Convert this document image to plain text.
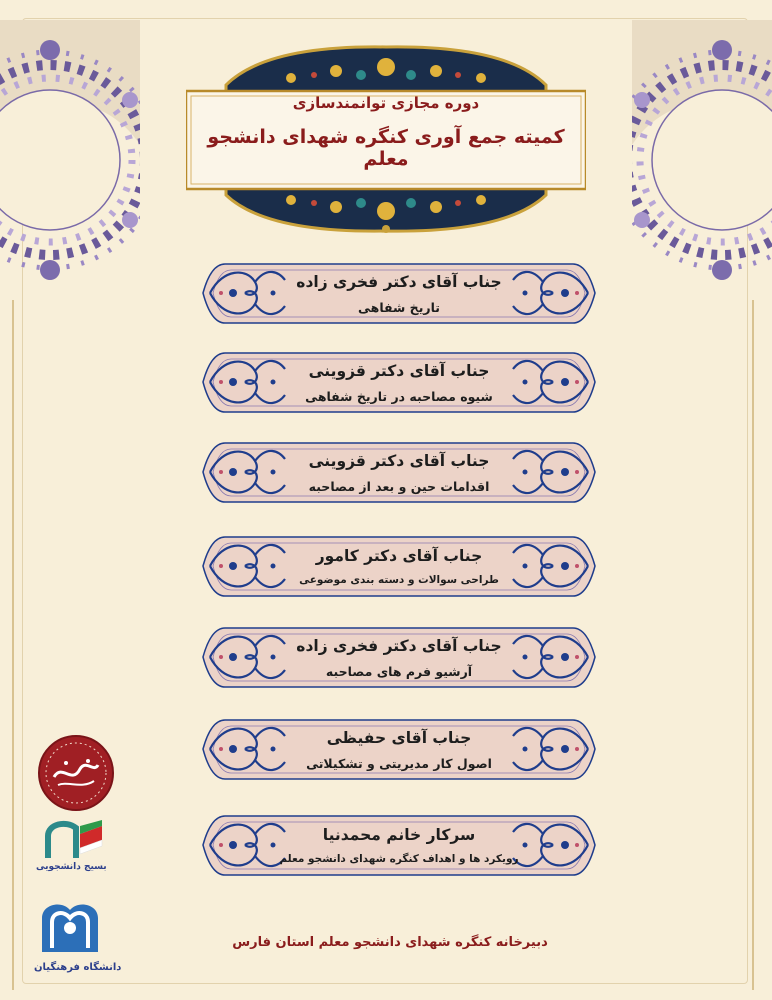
دوره مجازی توانمندسازی
کمیته جمع آوری کنگره شهدای دانشجو معلم
جناب آقای دکتر فخری زاده
تاریخ شفاهی
جناب آقای دکتر قزوینی
شیوه مصاحبه در تاریخ شفاهی
جناب آقای دکتر قزوینی
اقدامات حین و بعد از مصاحبه
جناب آقای دکتر کامور
طراحی سوالات و دسته بندی موضوعی
جناب آقای دکتر فخری زاده
آرشیو فرم های مصاحبه
جناب آقای حفیظی
اصول کار مدیریتی و تشکیلاتی
سرکار خانم محمدنیا
رویکرد ها و اهداف کنگره شهدای دانشجو معلم
دبیرخانه کنگره شهدای دانشجو معلم استان فارس
بسیج دانشجویی
دانشگاه فرهنگیان
